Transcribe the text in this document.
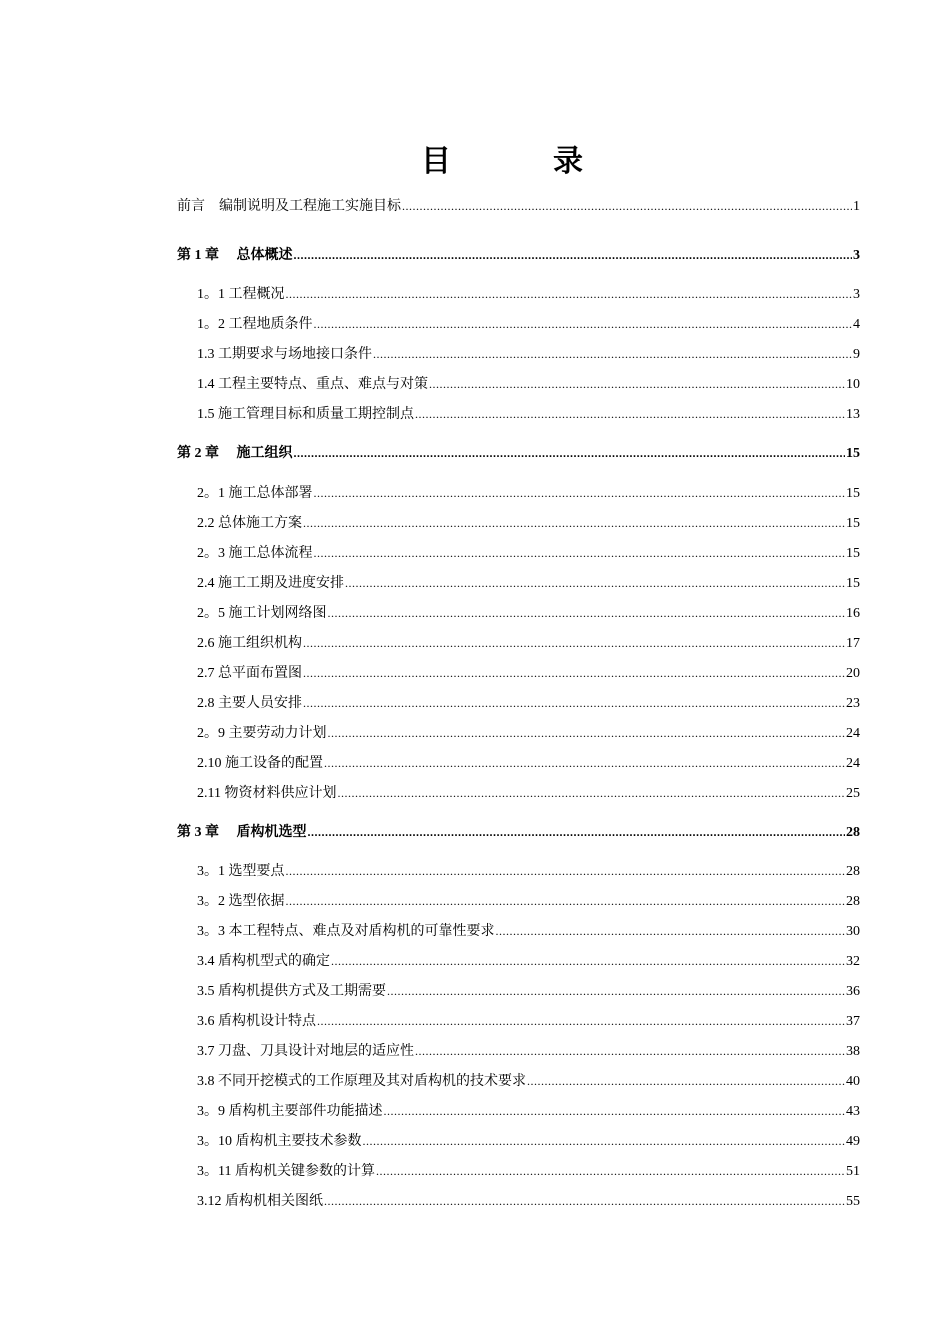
目　录
前言　编制说明及工程施工实施目标 .....	1
第 1 章　 总体概述 .....	3
1。1 工程概况 .....	3
1。2 工程地质条件 .....	4
1.3 工期要求与场地接口条件 .....	9
1.4 工程主要特点、重点、难点与对策 .....	10
1.5 施工管理目标和质量工期控制点 .....	13
第 2 章　 施工组织 .....	15
2。1 施工总体部署 .....	15
2.2 总体施工方案 .....	15
2。3 施工总体流程 .....	15
2.4 施工工期及进度安排 .....	15
2。5 施工计划网络图 .....	16
2.6 施工组织机构 .....	17
2.7 总平面布置图 .....	20
2.8 主要人员安排 .....	23
2。9 主要劳动力计划 .....	24
2.10 施工设备的配置 .....	24
2.11 物资材料供应计划 .....	25
第 3 章　 盾构机选型 .....	28
3。1 选型要点 .....	28
3。2 选型依据 .....	28
3。3 本工程特点、难点及对盾构机的可靠性要求 .....	30
3.4 盾构机型式的确定 .....	32
3.5 盾构机提供方式及工期需要 .....	36
3.6 盾构机设计特点 .....	37
3.7 刀盘、刀具设计对地层的适应性 .....	38
3.8 不同开挖模式的工作原理及其对盾构机的技术要求 .....	40
3。9 盾构机主要部件功能描述 .....	43
3。10 盾构机主要技术参数 .....	49
3。11 盾构机关键参数的计算 .....	51
3.12 盾构机相关图纸 .....	55
